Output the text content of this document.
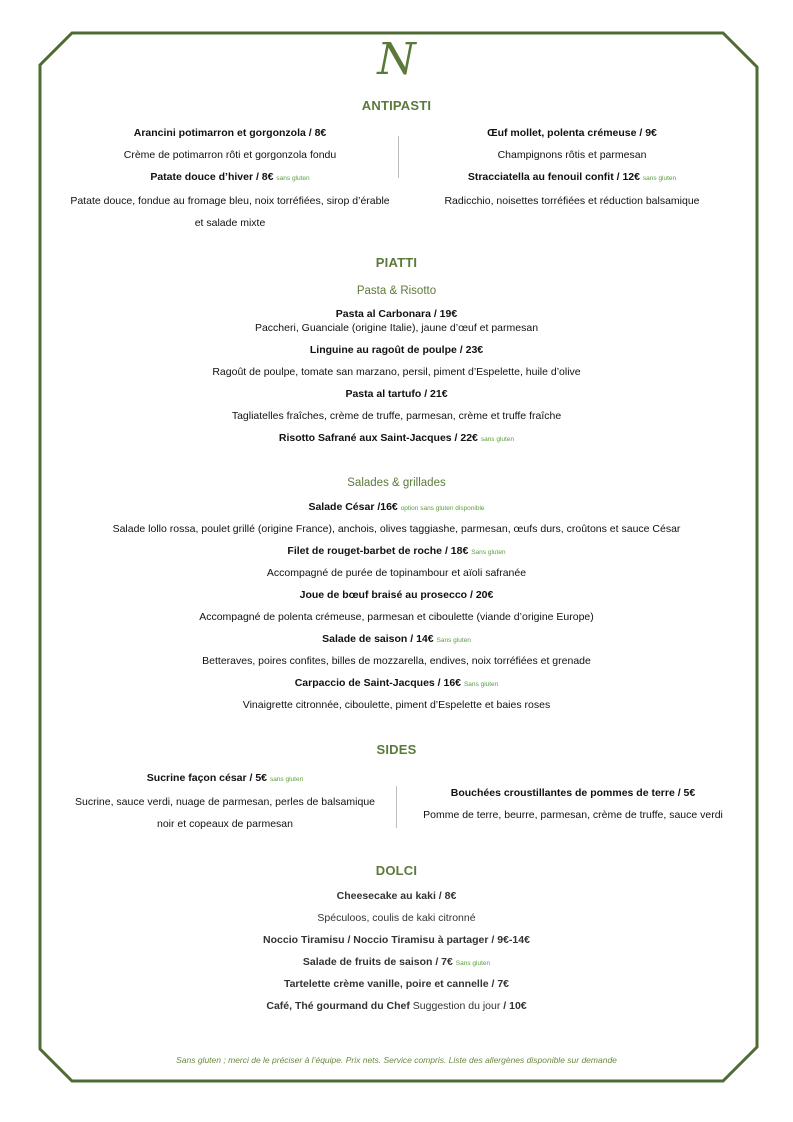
N
ANTIPASTI
Arancini potimarron et gorgonzola / 8€
Crème de potimarron rôti et gorgonzola fondu
Patate douce d’hiver / 8€ sans gluten
Patate douce, fondue au fromage bleu, noix torréfiées, sirop d’érable
et salade mixte
Œuf mollet, polenta crémeuse / 9€
Champignons rôtis et parmesan
Stracciatella au fenouil confit / 12€ sans gluten
Radicchio, noisettes torréfiées et réduction balsamique
PIATTI
Pasta & Risotto
Pasta al Carbonara / 19€
Paccheri, Guanciale (origine Italie), jaune d’œuf et parmesan
Linguine au ragoût de poulpe / 23€
Ragoût de poulpe, tomate san marzano, persil, piment d’Espelette, huile d’olive
Pasta al tartufo / 21€
Tagliatelles fraîches, crème de truffe, parmesan, crème et truffe fraîche
Risotto Safrané aux Saint-Jacques / 22€ sans gluten
Salades & grillades
Salade César /16€ option sans gluten disponible
Salade lollo rossa, poulet grillé (origine France), anchois, olives taggiashe, parmesan, œufs durs, croûtons et sauce César
Filet de rouget-barbet de roche / 18€ Sans gluten
Accompagné de purée de topinambour et aïoli safranée
Joue de bœuf braisé au prosecco / 20€
Accompagné de polenta crémeuse, parmesan et ciboulette (viande d’origine Europe)
Salade de saison / 14€ Sans gluten
Betteraves, poires confites, billes de mozzarella, endives, noix torréfiées et grenade
Carpaccio de Saint-Jacques / 16€ Sans gluten
Vinaigrette citronnée, ciboulette, piment d’Espelette et baies roses
SIDES
Sucrine façon césar / 5€ sans gluten
Sucrine, sauce verdi, nuage de parmesan, perles de balsamique
noir et copeaux de parmesan
Bouchées croustillantes de pommes de terre / 5€
Pomme de terre, beurre, parmesan, crème de truffe, sauce verdi
DOLCI
Cheesecake au kaki / 8€
Spéculoos, coulis de kaki citronné
Noccio Tiramisu / Noccio Tiramisu à partager / 9€-14€
Salade de fruits de saison / 7€ Sans gluten
Tartelette crème vanille, poire et cannelle / 7€
Café, Thé gourmand du Chef Suggestion du jour / 10€
Sans gluten ; merci de le préciser à l’équipe. Prix nets. Service compris. Liste des allergènes disponible sur demande
